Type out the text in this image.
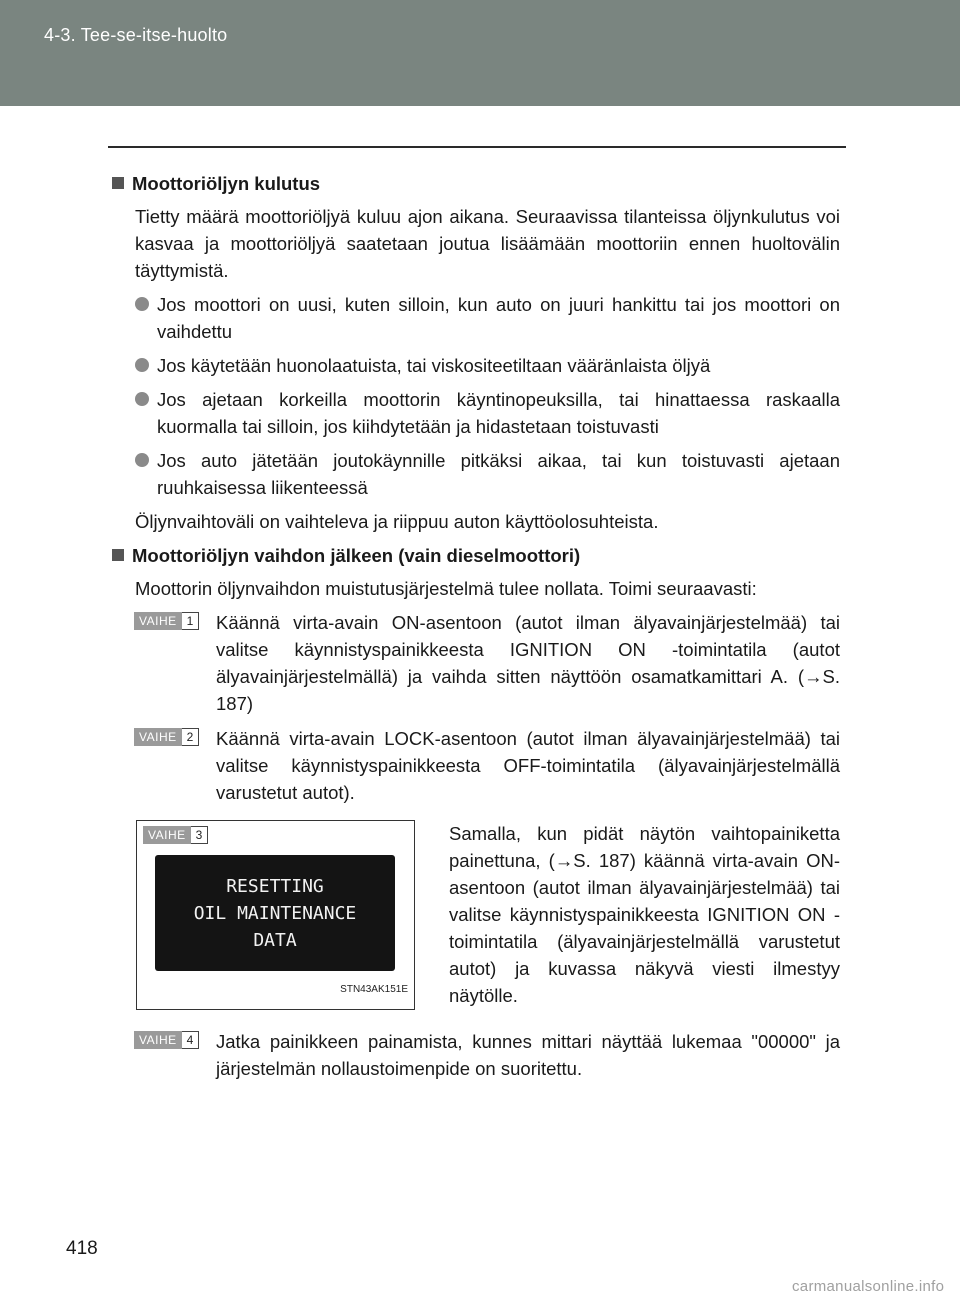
4-3. Tee-se-itse-huolto
Moottoriöljyn kulutus
Tietty määrä moottoriöljyä kuluu ajon aikana. Seuraavissa tilanteissa öljynkulutus voi kasvaa ja moottoriöljyä saatetaan joutua lisäämään moottoriin ennen huoltovälin täyttymistä.
Jos moottori on uusi, kuten silloin, kun auto on juuri hankittu tai jos moottori on vaihdettu
Jos käytetään huonolaatuista, tai viskositeetiltaan vääränlaista öljyä
Jos ajetaan korkeilla moottorin käyntinopeuksilla, tai hinattaessa raskaalla kuormalla tai silloin, jos kiihdytetään ja hidastetaan toistuvasti
Jos auto jätetään joutokäynnille pitkäksi aikaa, tai kun toistuvasti ajetaan ruuhkaisessa liikenteessä
Öljynvaihtoväli on vaihteleva ja riippuu auton käyttöolosuhteista.
Moottoriöljyn vaihdon jälkeen (vain dieselmoottori)
Moottorin öljynvaihdon muistutusjärjestelmä tulee nollata. Toimi seuraavasti:
VAIHE 1	Käännä virta-avain ON-asentoon (autot ilman älyavainjärjestelmää) tai valitse käynnistyspainikkeesta IGNITION ON -toimintatila (autot älyavainjärjestelmällä) ja vaihda sitten näyttöön osamatkamittari A. (→S. 187)
VAIHE 2	Käännä virta-avain LOCK-asentoon (autot ilman älyavainjärjestelmää) tai valitse käynnistyspainikkeesta OFF-toimintatila (älyavainjärjestelmällä varustetut autot).
VAIHE 3
RESETTING
OIL MAINTENANCE
DATA
STN43AK151E
Samalla, kun pidät näytön vaihtopainiketta painettuna, (→S. 187) käännä virta-avain ON-asentoon (autot ilman älyavainjärjestelmää) tai valitse käynnistyspainikkeesta IGNITION ON -toimintatila (älyavainjärjestelmällä varustetut autot) ja kuvassa näkyvä viesti ilmestyy näytölle.
VAIHE 4	Jatka painikkeen painamista, kunnes mittari näyttää lukemaa "00000" ja järjestelmän nollaustoimenpide on suoritettu.
418
carmanualsonline.info
